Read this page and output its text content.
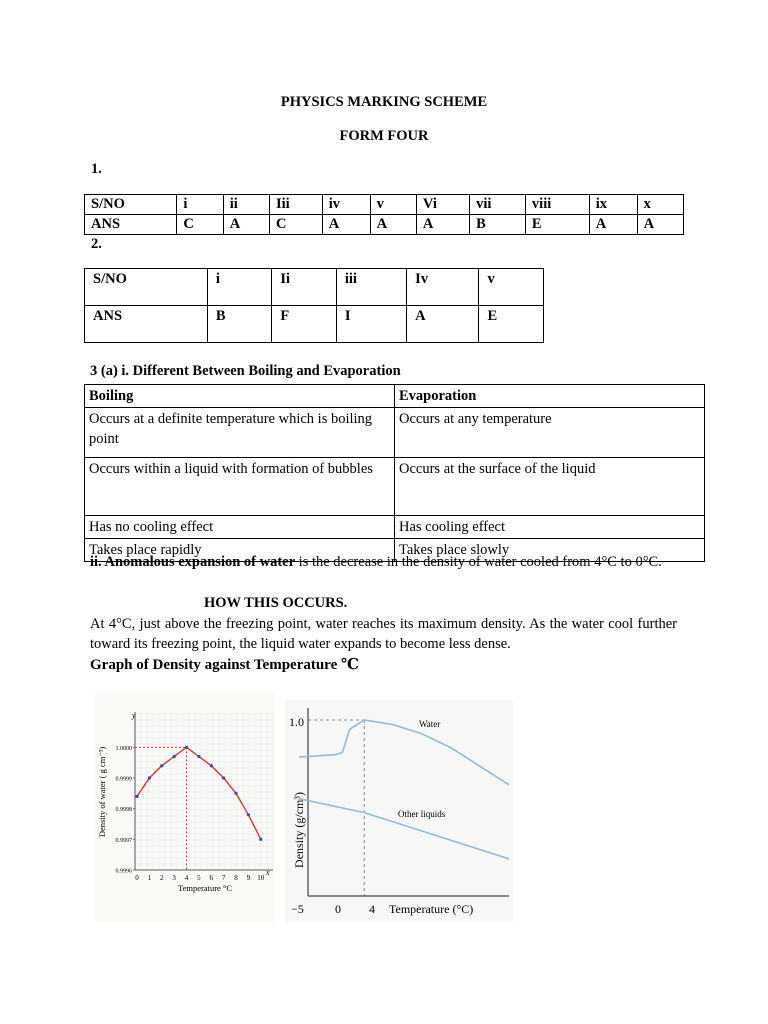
PHYSICS MARKING SCHEME
FORM FOUR
1.
S/NO	i	ii	Iii	iv	v	Vi	vii	viii	ix	x
ANS	C	A	C	A	A	A	B	E	A	A
2.
S/NO	i	Ii	iii	Iv	v
ANS	B	F	I	A	E
3 (a) i. Different Between Boiling and Evaporation
Boiling	Evaporation
Occurs at a definite temperature which is boiling point	Occurs at any temperature
Occurs within a liquid with formation of bubbles	Occurs at the surface of the liquid
Has no cooling effect	Has cooling effect
Takes place rapidly	Takes place slowly
ii. Anomalous expansion of water is the decrease in the density of water cooled from 4°C to 0°C.
HOW THIS OCCURS.
At 4°C, just above the freezing point, water reaches its maximum density. As the water cool further toward its freezing point, the liquid water expands to become less dense.
Graph of Density against Temperature ℃
y
x
0.9996
0.9997
0.9998
0.9999
1.0000
0 1 2 3 4 5 6 7 8 9 10
Temperature °C
Density of water ( g cm⁻³)
1.0
−5	0 4 Temperature (°C)
Density (g/cm³)
Water
Other liquids
